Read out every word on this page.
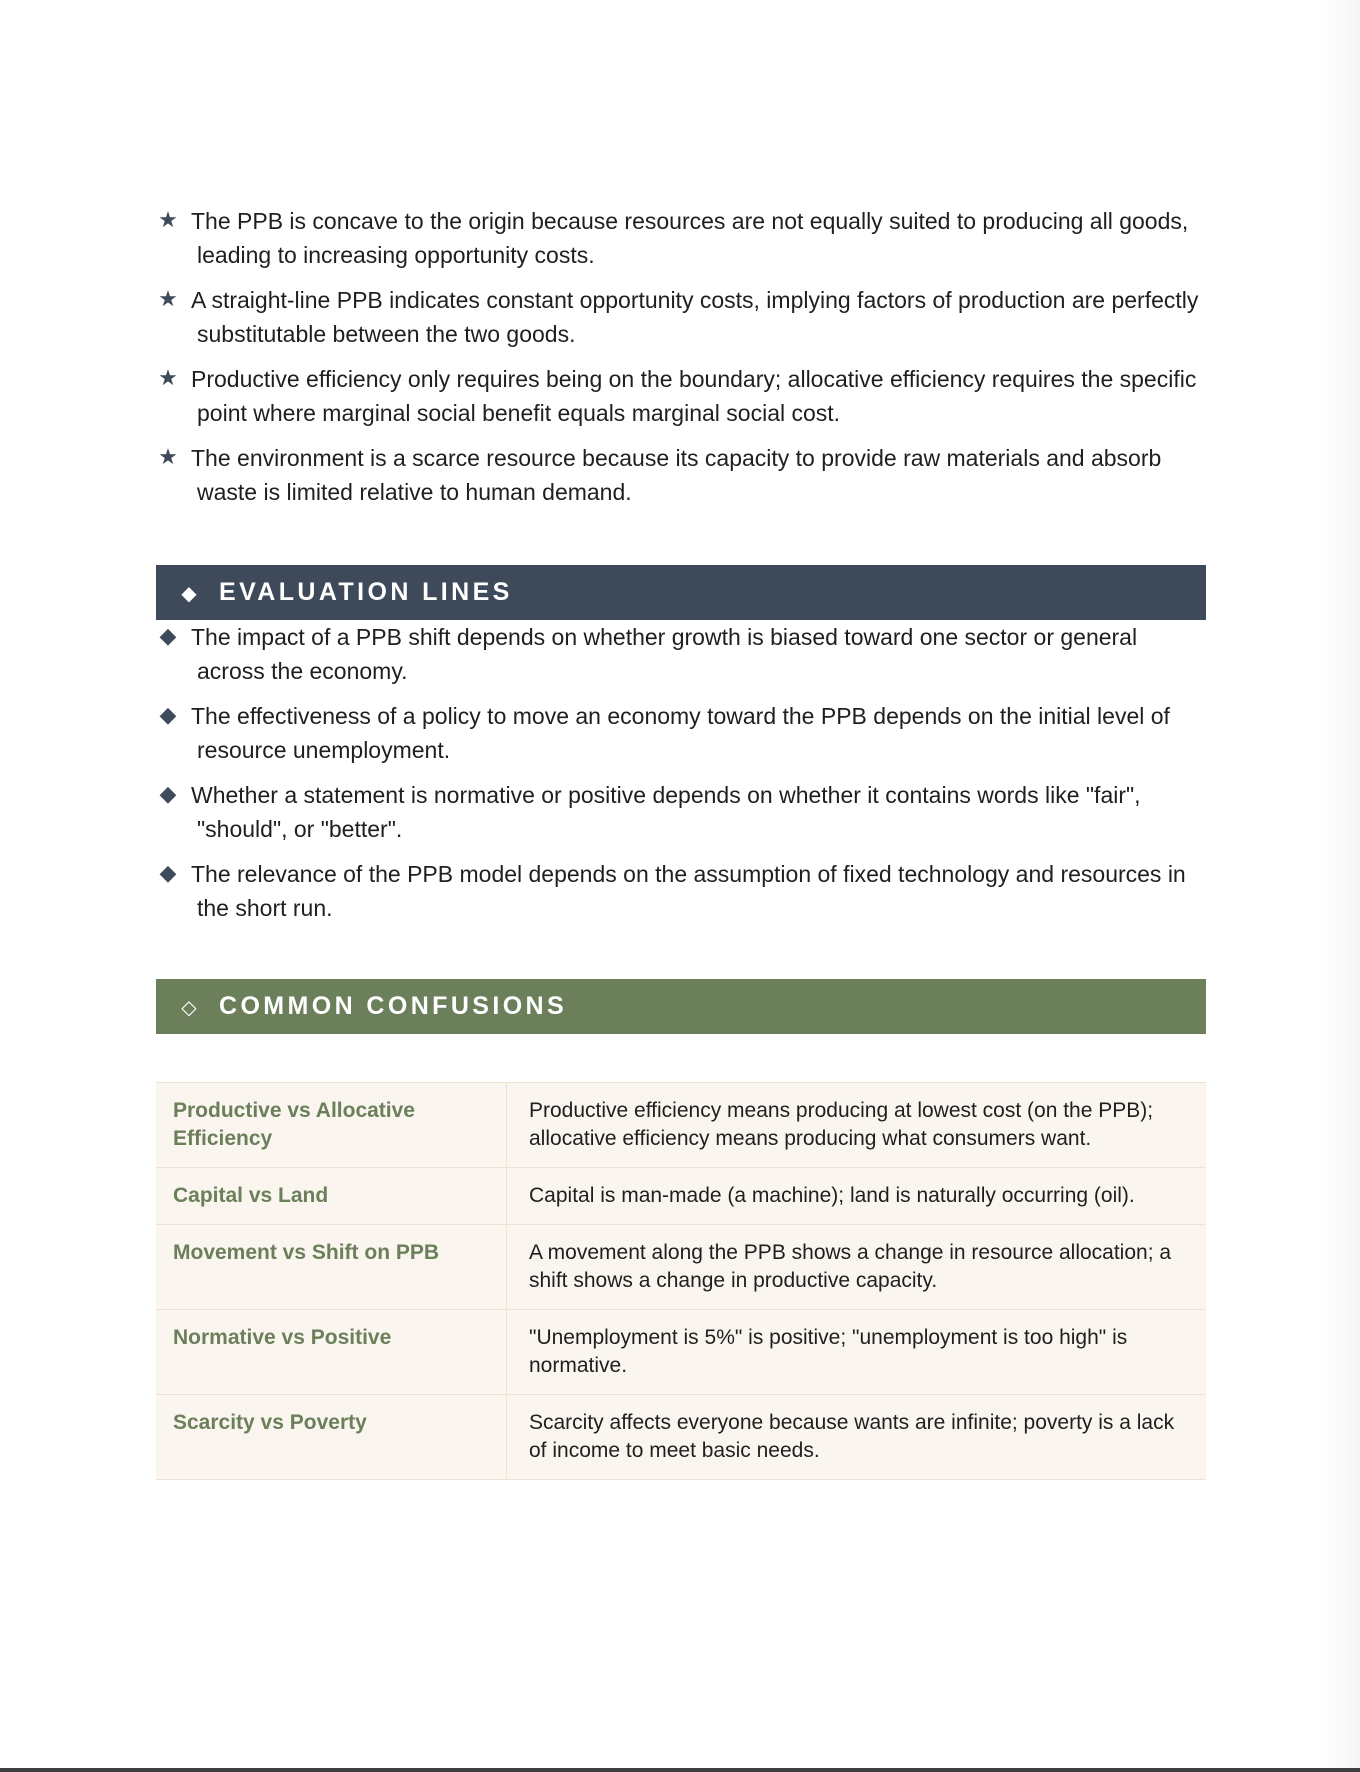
★ The PPB is concave to the origin because resources are not equally suited to producing all goods, leading to increasing opportunity costs.
★ A straight-line PPB indicates constant opportunity costs, implying factors of production are perfectly substitutable between the two goods.
★ Productive efficiency only requires being on the boundary; allocative efficiency requires the specific point where marginal social benefit equals marginal social cost.
★ The environment is a scarce resource because its capacity to provide raw materials and absorb waste is limited relative to human demand.
◆ EVALUATION LINES
◆ The impact of a PPB shift depends on whether growth is biased toward one sector or general across the economy.
◆ The effectiveness of a policy to move an economy toward the PPB depends on the initial level of resource unemployment.
◆ Whether a statement is normative or positive depends on whether it contains words like "fair", "should", or "better".
◆ The relevance of the PPB model depends on the assumption of fixed technology and resources in the short run.
◇ COMMON CONFUSIONS
Productive vs Allocative Efficiency	Productive efficiency means producing at lowest cost (on the PPB); allocative efficiency means producing what consumers want.
Capital vs Land	Capital is man-made (a machine); land is naturally occurring (oil).
Movement vs Shift on PPB	A movement along the PPB shows a change in resource allocation; a shift shows a change in productive capacity.
Normative vs Positive	"Unemployment is 5%" is positive; "unemployment is too high" is normative.
Scarcity vs Poverty	Scarcity affects everyone because wants are infinite; poverty is a lack of income to meet basic needs.
